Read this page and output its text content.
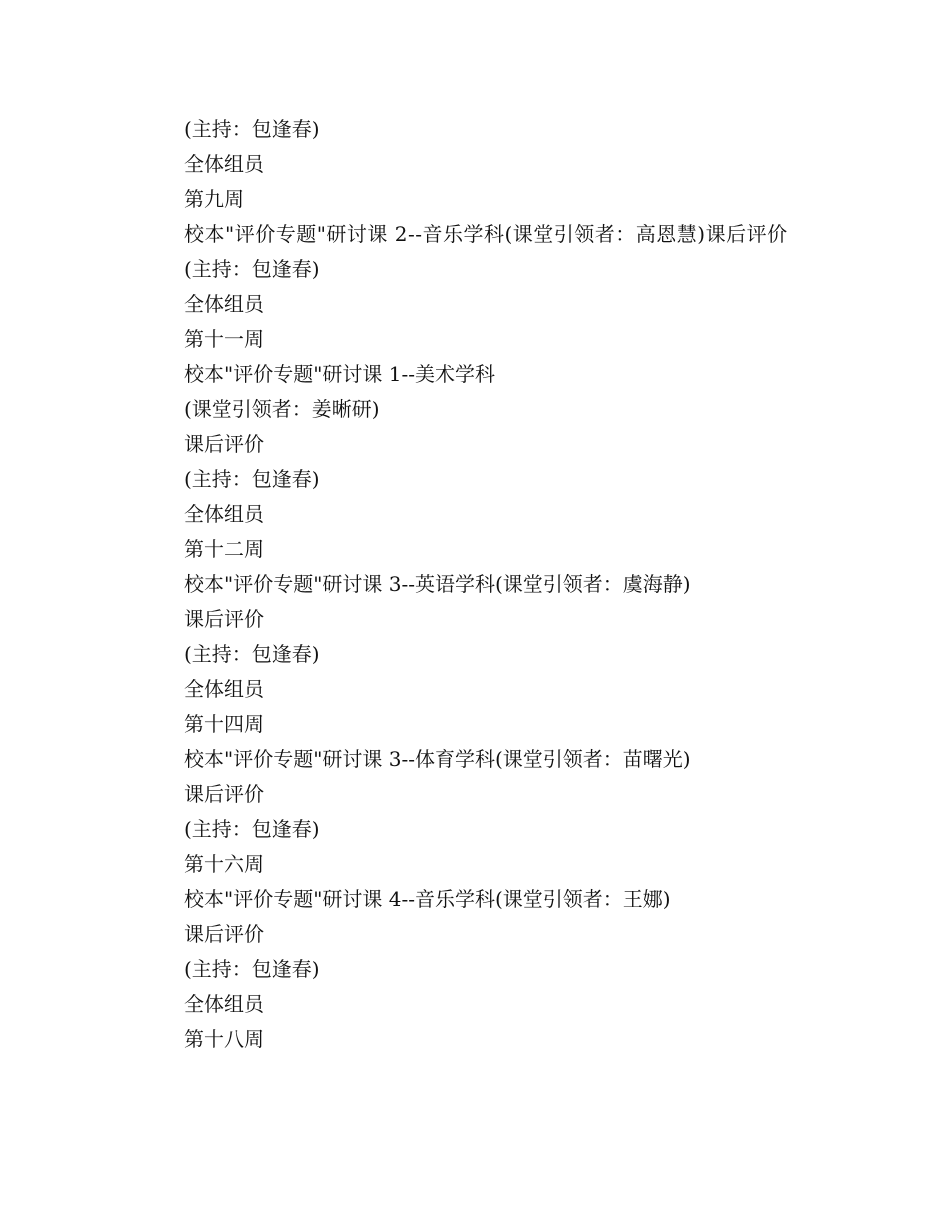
(主持：包逢春)
全体组员
第九周
校本"评价专题"研讨课 2--音乐学科(课堂引领者：高恩慧)课后评价
(主持：包逢春)
全体组员
第十一周
校本"评价专题"研讨课 1--美术学科
(课堂引领者：姜晰研)
课后评价
(主持：包逢春)
全体组员
第十二周
校本"评价专题"研讨课 3--英语学科(课堂引领者：虞海静)
课后评价
(主持：包逢春)
全体组员
第十四周
校本"评价专题"研讨课 3--体育学科(课堂引领者：苗曙光)
课后评价
(主持：包逢春)
第十六周
校本"评价专题"研讨课 4--音乐学科(课堂引领者：王娜)
课后评价
(主持：包逢春)
全体组员
第十八周
